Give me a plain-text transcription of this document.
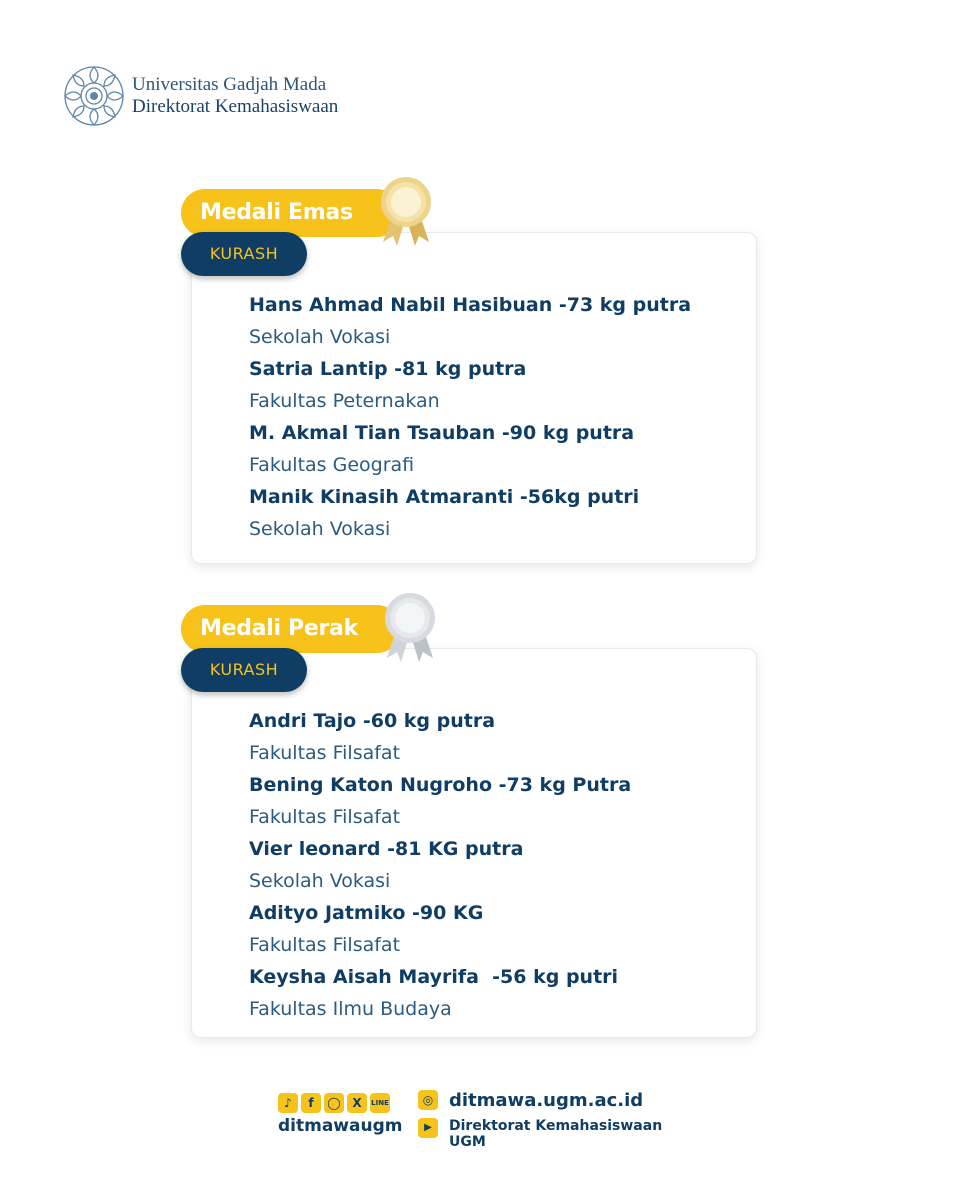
Universitas Gadjah Mada
Direktorat Kemahasiswaan
Medali Emas
KURASH
Hans Ahmad Nabil Hasibuan -73 kg putra
Sekolah Vokasi
Satria Lantip -81 kg putra
Fakultas Peternakan
M. Akmal Tian Tsauban -90 kg putra
Fakultas Geografi
Manik Kinasih Atmaranti -56kg putri
Sekolah Vokasi
Medali Perak
KURASH
Andri Tajo -60 kg putra
Fakultas Filsafat
Bening Katon Nugroho -73 kg Putra
Fakultas Filsafat
Vier leonard -81 KG putra
Sekolah Vokasi
Adityo Jatmiko -90 KG
Fakultas Filsafat
Keysha Aisah Mayrifa  -56 kg putri
Fakultas Ilmu Budaya
♪	f	◯ X	LINE
ditmawaugm
◎ ditmawa.ugm.ac.id
▶	Direktorat Kemahasiswaan UGM
